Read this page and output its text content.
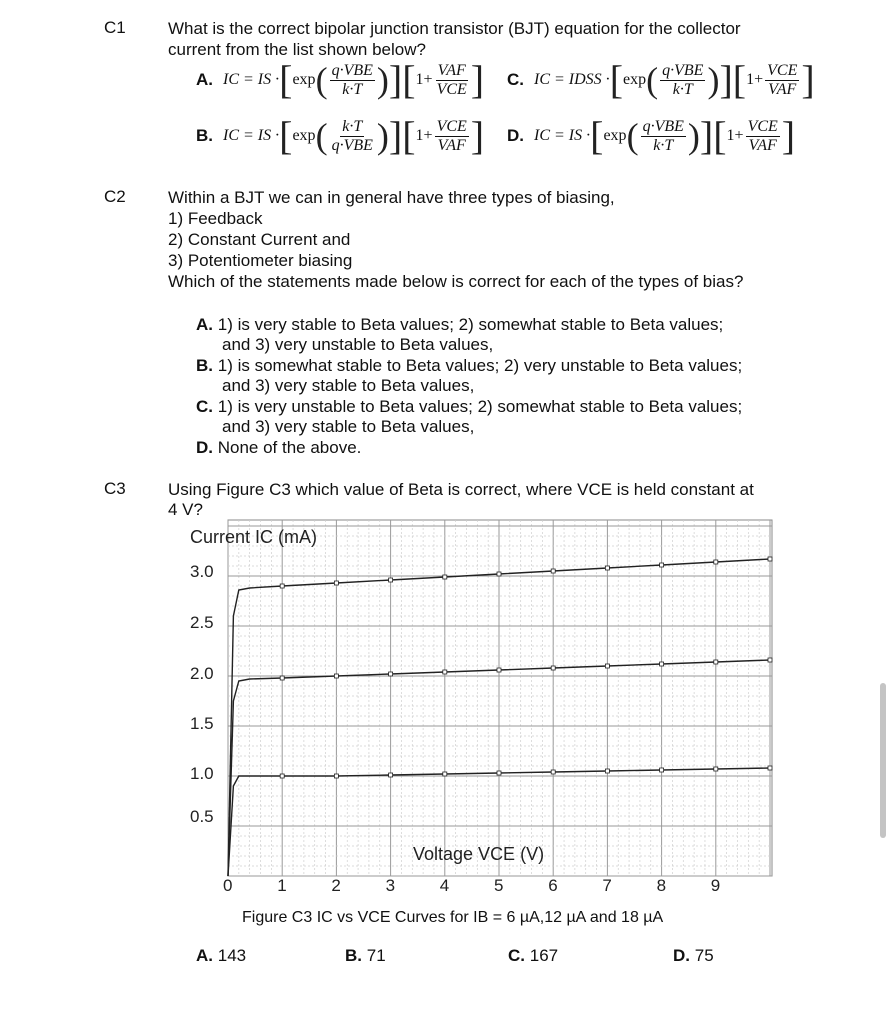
C1 What is the correct bipolar junction transistor (BJT) equation for the collector
current from the list shown below?
A. IC = IS · [ exp ( $\frac{\text{q·VBE}}{k\cdot T}$ ) ] [ $1+ \frac{\text{VAF}}{\text{VCE}}$ ]
B. IC = IS · [ exp ( $\frac{k\cdot T}{\text{q·VBE}}$ ) ] [ $1+ \frac{\text{VCE}}{\text{VAF}}$ ]
C. IC = IDSS · [ exp ( $\frac{\text{q·VBE}}{k\cdot T}$ ) ] [ $1+ \frac{\text{VCE}}{\text{VAF}}$ ]
D. IC = IS · [ exp ( $\frac{\text{q·VBE}}{k\cdot T}$ ) ] [ $1+ \frac{\text{VCE}}{\text{VAF}}$ ]
C2 Within a BJT we can in general have three types of biasing,
1) Feedback
2) Constant Current and
3) Potentiometer biasing
Which of the statements made below is correct for each of the types of bias?
A. 1) is very stable to Beta values; 2) somewhat stable to Beta values;
and 3) very unstable to Beta values,
B. 1) is somewhat stable to Beta values; 2) very unstable to Beta values;
and 3) very stable to Beta values,
C. 1) is very unstable to Beta values; 2) somewhat stable to Beta values;
and 3) very stable to Beta values,
D. None of the above.
C3 Using Figure C3 which value of Beta is correct, where VCE is held constant at
4 V?
Current IC (mA)
3.0
2.5
2.0
1.5
1.0
0.5
0	1	2	3	4	5	6	7	8	9
Voltage VCE (V)
Figure C3 IC vs VCE Curves for IB = 6 µA,12 µA and 18 µA
A. 143	B. 71	C. 167	D. 75
